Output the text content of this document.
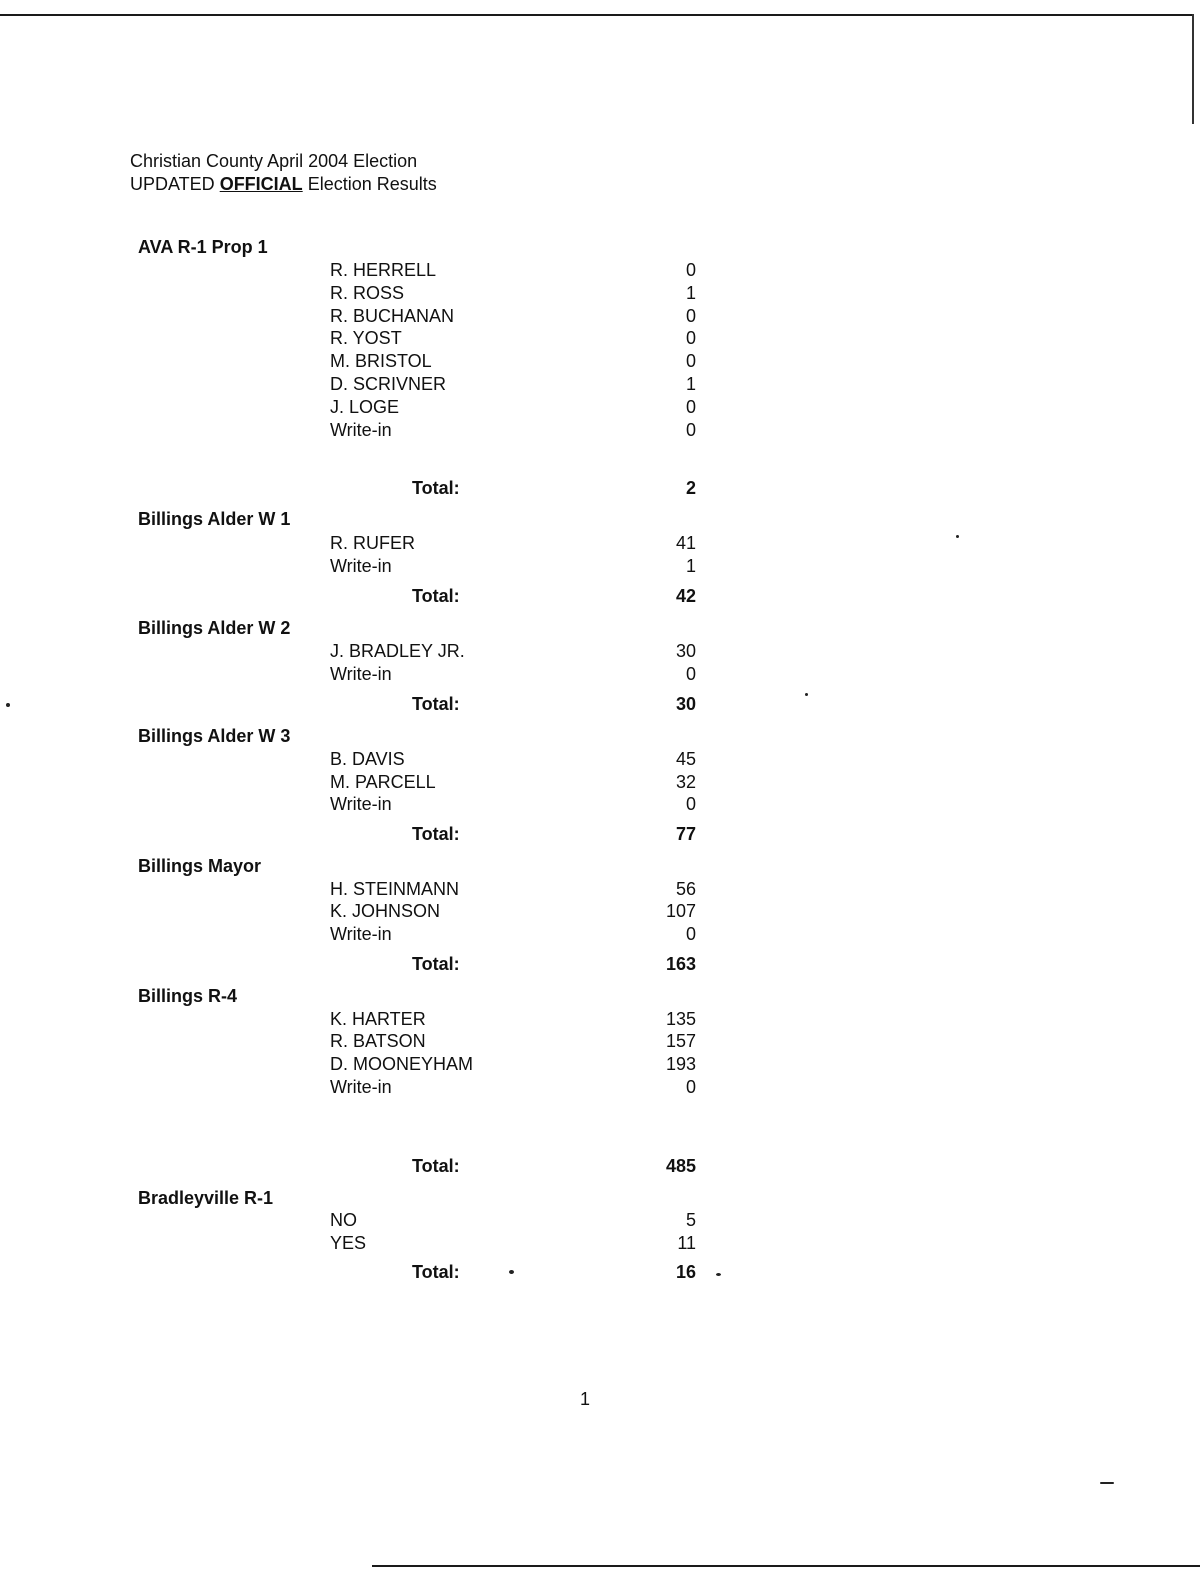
Christian County April 2004 Election
UPDATED OFFICIAL Election Results
AVA R-1 Prop 1
R. HERRELL	0
R. ROSS	1
R. BUCHANAN	0
R. YOST	0
M. BRISTOL	0
D. SCRIVNER	1
J. LOGE	0
Write-in	0
Total:	2
Billings Alder W 1
R. RUFER	41
Write-in	1
Total:	42
Billings Alder W 2
J. BRADLEY JR.	30
Write-in	0
Total:	30
Billings Alder W 3
B. DAVIS	45
M. PARCELL	32
Write-in	0
Total:	77
Billings Mayor
H. STEINMANN	56
K. JOHNSON	107
Write-in	0
Total:	163
Billings R-4
K. HARTER	135
R. BATSON	157
D. MOONEYHAM	193
Write-in	0
Total:	485
Bradleyville R-1
NO	5
YES	11
Total:	16
1
